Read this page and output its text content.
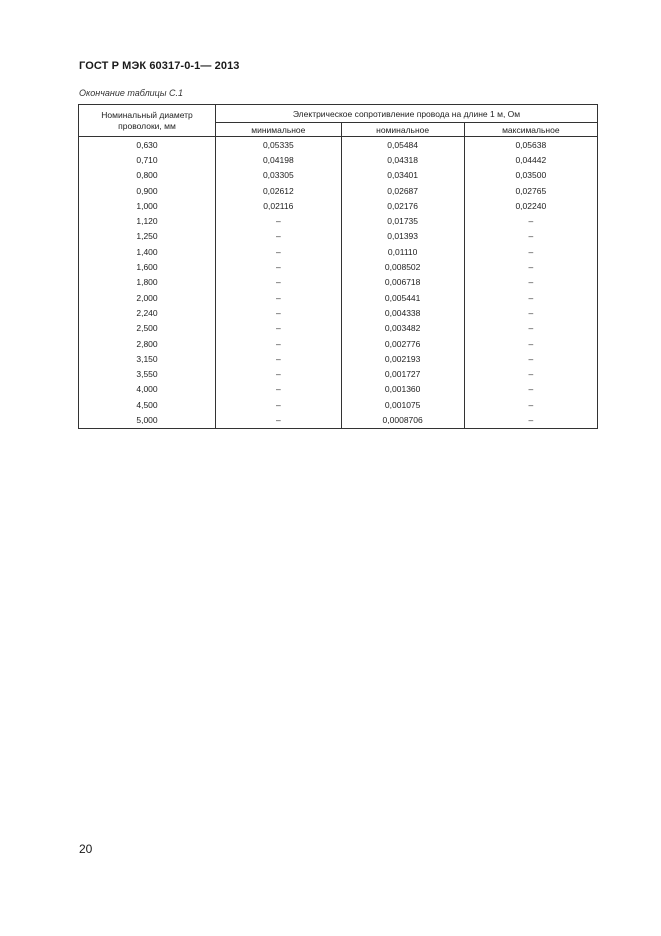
ГОСТ Р МЭК 60317-0-1— 2013
Окончание таблицы С.1
Номинальный диаметр проволоки, мм	Электрическое сопротивление провода на длине 1 м, Ом		
	минимальное	номинальное	максимальное
0,630	0,05335	0,05484	0,05638
0,710	0,04198	0,04318	0,04442
0,800	0,03305	0,03401	0,03500
0,900	0,02612	0,02687	0,02765
1,000	0,02116	0,02176	0,02240
1,120	–	0,01735	–
1,250	–	0,01393	–
1,400	–	0,01110	–
1,600	–	0,008502	–
1,800	–	0,006718	–
2,000	–	0,005441	–
2,240	–	0,004338	–
2,500	–	0,003482	–
2,800	–	0,002776	–
3,150	–	0,002193	–
3,550	–	0,001727	–
4,000	–	0,001360	–
4,500	–	0,001075	–
5,000	–	0,0008706	–
20
